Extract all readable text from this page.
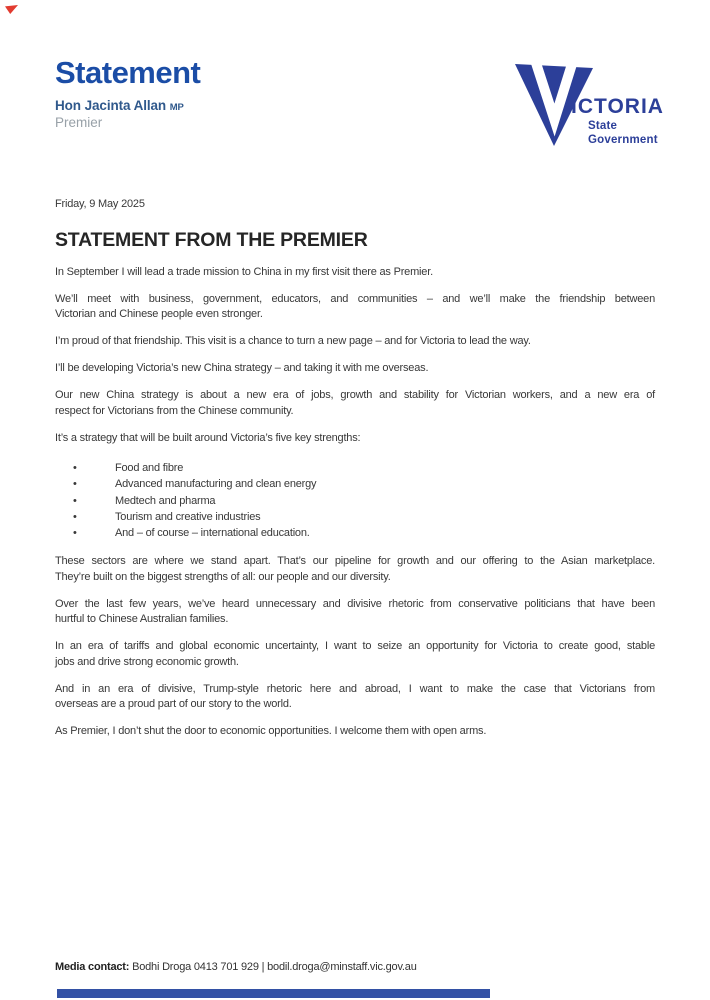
Statement
Hon Jacinta Allan MP
Premier
ICTORIA
State
Government
Friday, 9 May 2025
STATEMENT FROM THE PREMIER
In September I will lead a trade mission to China in my first visit there as Premier.
We’ll meet with business, government, educators, and communities – and we’ll make the friendship between
Victorian and Chinese people even stronger.
I’m proud of that friendship. This visit is a chance to turn a new page – and for Victoria to lead the way.
I’ll be developing Victoria’s new China strategy – and taking it with me overseas.
Our new China strategy is about a new era of jobs, growth and stability for Victorian workers, and a new era of
respect for Victorians from the Chinese community.
It’s a strategy that will be built around Victoria’s five key strengths:
• Food and fibre
• Advanced manufacturing and clean energy
• Medtech and pharma
• Tourism and creative industries
• And – of course – international education.
These sectors are where we stand apart. That’s our pipeline for growth and our offering to the Asian marketplace.
They’re built on the biggest strengths of all: our people and our diversity.
Over the last few years, we’ve heard unnecessary and divisive rhetoric from conservative politicians that have been
hurtful to Chinese Australian families.
In an era of tariffs and global economic uncertainty, I want to seize an opportunity for Victoria to create good, stable
jobs and drive strong economic growth.
And in an era of divisive, Trump-style rhetoric here and abroad, I want to make the case that Victorians from
overseas are a proud part of our story to the world.
As Premier, I don’t shut the door to economic opportunities. I welcome them with open arms.
Media contact: Bodhi Droga 0413 701 929 | bodil.droga@minstaff.vic.gov.au
